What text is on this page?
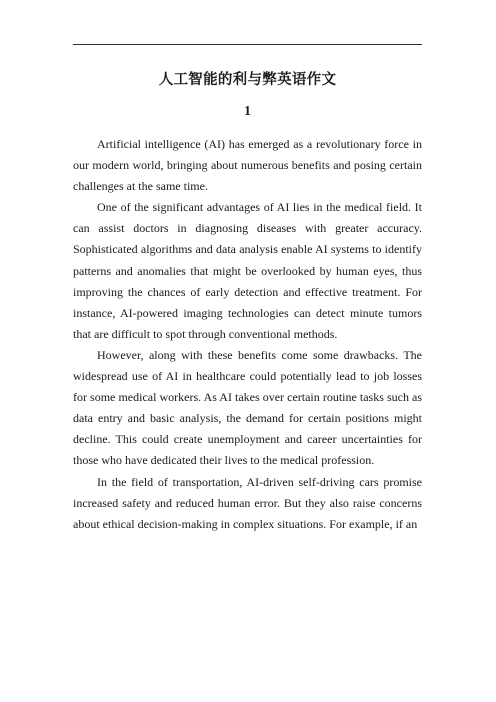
人工智能的利与弊英语作文
1

Artificial intelligence (AI) has emerged as a revolutionary force in our modern world, bringing about numerous benefits and posing certain challenges at the same time.

One of the significant advantages of AI lies in the medical field. It can assist doctors in diagnosing diseases with greater accuracy. Sophisticated algorithms and data analysis enable AI systems to identify patterns and anomalies that might be overlooked by human eyes, thus improving the chances of early detection and effective treatment. For instance, AI-powered imaging technologies can detect minute tumors that are difficult to spot through conventional methods.

However, along with these benefits come some drawbacks. The widespread use of AI in healthcare could potentially lead to job losses for some medical workers. As AI takes over certain routine tasks such as data entry and basic analysis, the demand for certain positions might decline. This could create unemployment and career uncertainties for those who have dedicated their lives to the medical profession.

In the field of transportation, AI-driven self-driving cars promise increased safety and reduced human error. But they also raise concerns about ethical decision-making in complex situations. For example, if an
